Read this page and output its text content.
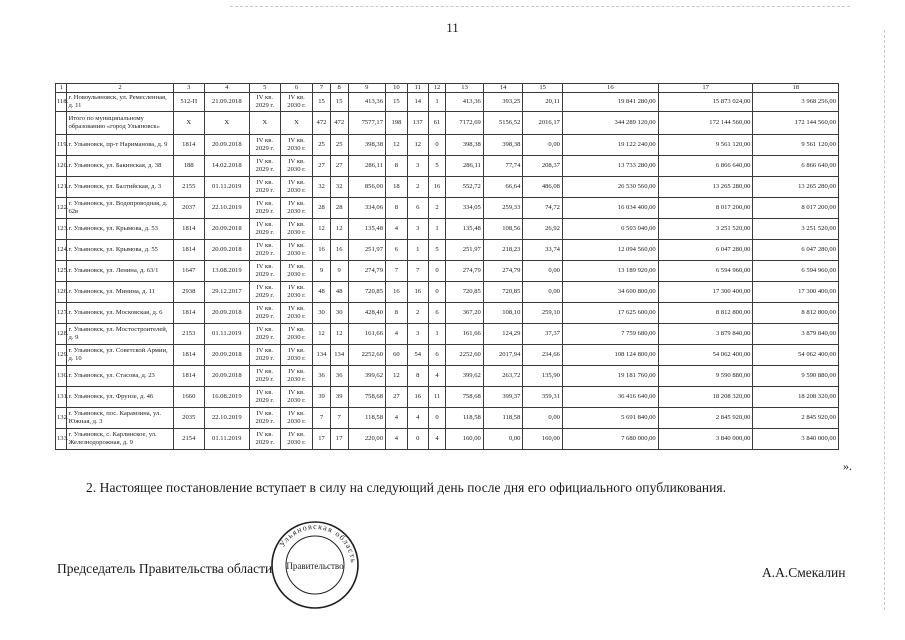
11
1	2	3	4	5	6	7	8	9	10	11	12	13	14	15	16	17	18
118.	г. Новоульяновск, ул. Ремесленная, д. 11	512-П	21.09.2018	IV кв. 2029 г.	IV кв. 2030 г.	15	15	413,36	15	14	1	413,36	393,25	20,11	19 841 280,00	15 873 024,00	3 968 256,00
	Итого по муниципальному образованию «город Ульяновск»	X	X	X	X	472	472	7577,17	198	137	61	7172,69	5156,52	2016,17	344 289 120,00	172 144 560,00	172 144 560,00
119.	г. Ульяновск, пр-т Нариманова, д. 9	1814	20.09.2018	IV кв. 2029 г.	IV кв. 2030 г.	25	25	398,38	12	12	0	398,38	398,38	0,00	19 122 240,00	9 561 120,00	9 561 120,00
120.	г. Ульяновск, ул. Бакинская, д. 38	188	14.02.2018	IV кв. 2029 г.	IV кв. 2030 г.	27	27	286,11	8	3	5	286,11	77,74	208,37	13 733 280,00	6 866 640,00	6 866 640,00
121.	г. Ульяновск, ул. Балтийская, д. 3	2155	01.11.2019	IV кв. 2029 г.	IV кв. 2030 г.	32	32	856,00	18	2	16	552,72	66,64	486,08	26 530 560,00	13 265 280,00	13 265 280,00
122.	г. Ульяновск, ул. Водопроводная, д. 62в	2037	22.10.2019	IV кв. 2029 г.	IV кв. 2030 г.	28	28	334,06	8	6	2	334,05	259,33	74,72	16 034 400,00	8 017 200,00	8 017 200,00
123.	г. Ульяновск, ул. Крымова, д. 53	1814	20.09.2018	IV кв. 2029 г.	IV кв. 2030 г.	12	12	135,48	4	3	1	135,48	108,56	26,92	6 503 040,00	3 251 520,00	3 251 520,00
124.	г. Ульяновск, ул. Крымова, д. 55	1814	20.09.2018	IV кв. 2029 г.	IV кв. 2030 г.	16	16	251,97	6	1	5	251,97	218,23	33,74	12 094 560,00	6 047 280,00	6 047 280,00
125.	г. Ульяновск, ул. Ленина, д. 63/1	1647	13.08.2019	IV кв. 2029 г.	IV кв. 2030 г.	9	9	274,79	7	7	0	274,79	274,79	0,00	13 189 920,00	6 594 960,00	6 594 960,00
126.	г. Ульяновск, ул. Минина, д. 11	2938	29.12.2017	IV кв. 2029 г.	IV кв. 2030 г.	48	48	720,85	16	16	0	720,85	720,85	0,00	34 600 800,00	17 300 400,00	17 300 400,00
127.	г. Ульяновск, ул. Московская, д. 6	1814	20.09.2018	IV кв. 2029 г.	IV кв. 2030 г.	30	30	428,40	8	2	6	367,20	108,10	259,10	17 625 600,00	8 812 800,00	8 812 800,00
128.	г. Ульяновск, ул. Мостостроителей, д. 9	2153	01.11.2019	IV кв. 2029 г.	IV кв. 2030 г.	12	12	161,66	4	3	1	161,66	124,29	37,37	7 759 680,00	3 879 840,00	3 879 840,00
129.	г. Ульяновск, ул. Советской Армии, д. 10	1814	20.09.2018	IV кв. 2029 г.	IV кв. 2030 г.	134	134	2252,60	60	54	6	2252,60	2017,94	234,66	108 124 800,00	54 062 400,00	54 062 400,00
130.	г. Ульяновск, ул. Стасова, д. 23	1814	20.09.2018	IV кв. 2029 г.	IV кв. 2030 г.	36	36	399,62	12	8	4	399,62	263,72	135,90	19 181 760,00	9 590 880,00	9 590 880,00
131.	г. Ульяновск, ул. Фрунзе, д. 46	1660	16.08.2019	IV кв. 2029 г.	IV кв. 2030 г.	39	39	758,68	27	16	11	758,68	399,37	359,31	36 416 640,00	18 208 320,00	18 208 320,00
132.	г. Ульяновск, пос. Карамзина, ул. Южная, д. 3	2035	22.10.2019	IV кв. 2029 г.	IV кв. 2030 г.	7	7	118,58	4	4	0	118,58	118,58	0,00	5 691 840,00	2 845 920,00	2 845 920,00
133.	г. Ульяновск, с. Карлинское, ул. Железнодорожная, д. 9	2154	01.11.2019	IV кв. 2029 г.	IV кв. 2030 г.	17	17	220,00	4	0	4	160,00	0,00	160,00	7 680 000,00	3 840 000,00	3 840 000,00
».
2. Настоящее постановление вступает в силу на следующий день после дня его официального опубликования.
Председатель Правительства области	А.А.Смекалин
Ульяновская область
Правительство
